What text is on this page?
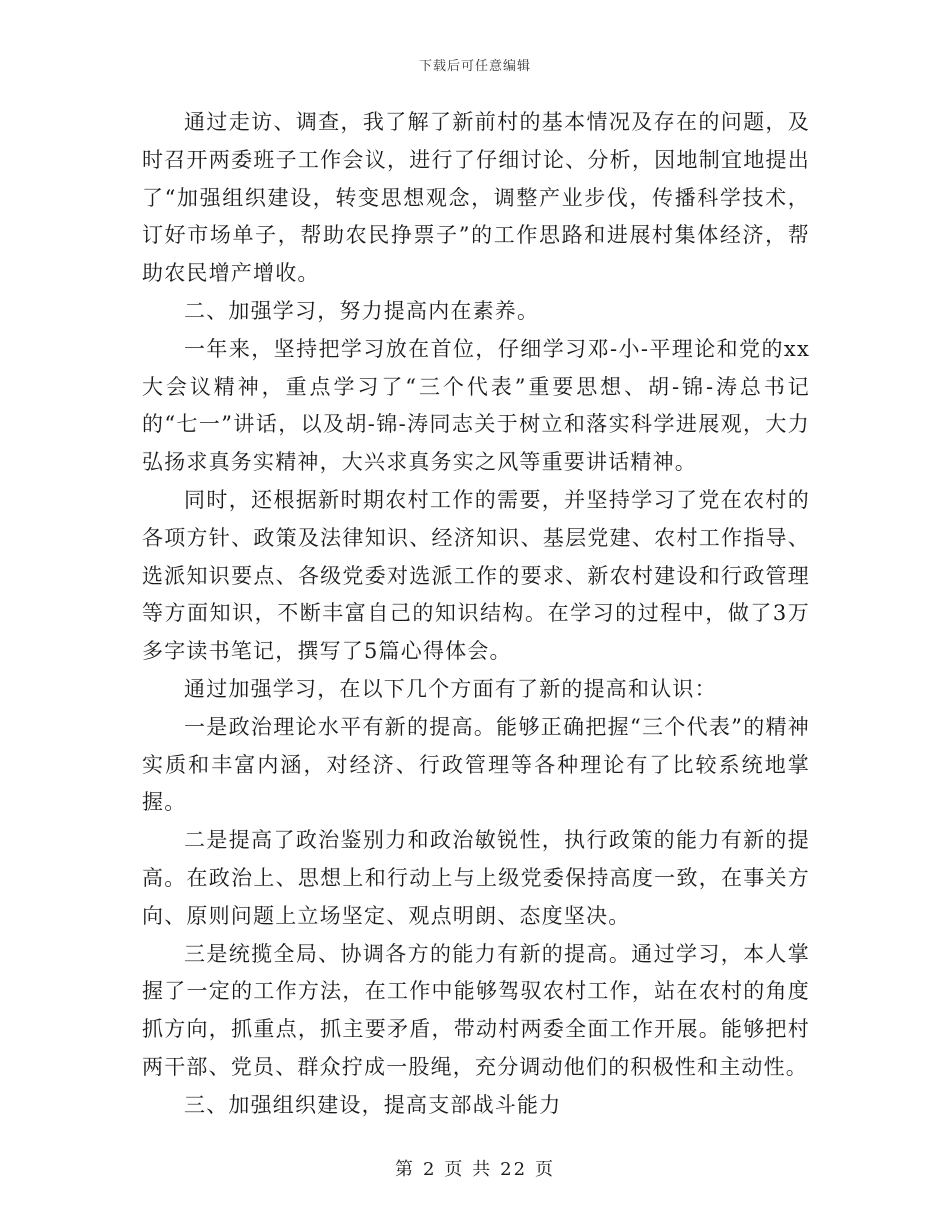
下载后可任意编辑

通过走访、调查，我了解了新前村的基本情况及存在的问题，及时召开两委班子工作会议，进行了仔细讨论、分析，因地制宜地提出了“加强组织建设，转变思想观念，调整产业步伐，传播科学技术，订好市场单子，帮助农民挣票子”的工作思路和进展村集体经济，帮助农民增产增收。

二、加强学习，努力提高内在素养。

一年来，坚持把学习放在首位，仔细学习邓-小-平理论和党的xx大会议精神，重点学习了“三个代表”重要思想、胡-锦-涛总书记的“七一”讲话，以及胡-锦-涛同志关于树立和落实科学进展观，大力弘扬求真务实精神，大兴求真务实之风等重要讲话精神。

同时，还根据新时期农村工作的需要，并坚持学习了党在农村的各项方针、政策及法律知识、经济知识、基层党建、农村工作指导、选派知识要点、各级党委对选派工作的要求、新农村建设和行政管理等方面知识，不断丰富自己的知识结构。在学习的过程中，做了3万多字读书笔记，撰写了5篇心得体会。

通过加强学习，在以下几个方面有了新的提高和认识：

一是政治理论水平有新的提高。能够正确把握“三个代表”的精神实质和丰富内涵，对经济、行政管理等各种理论有了比较系统地掌握。

二是提高了政治鉴别力和政治敏锐性，执行政策的能力有新的提高。在政治上、思想上和行动上与上级党委保持高度一致，在事关方向、原则问题上立场坚定、观点明朗、态度坚决。

三是统揽全局、协调各方的能力有新的提高。通过学习，本人掌握了一定的工作方法，在工作中能够驾驭农村工作，站在农村的角度抓方向，抓重点，抓主要矛盾，带动村两委全面工作开展。能够把村两干部、党员、群众拧成一股绳，充分调动他们的积极性和主动性。

三、加强组织建设，提高支部战斗能力

第 2 页 共 22 页
